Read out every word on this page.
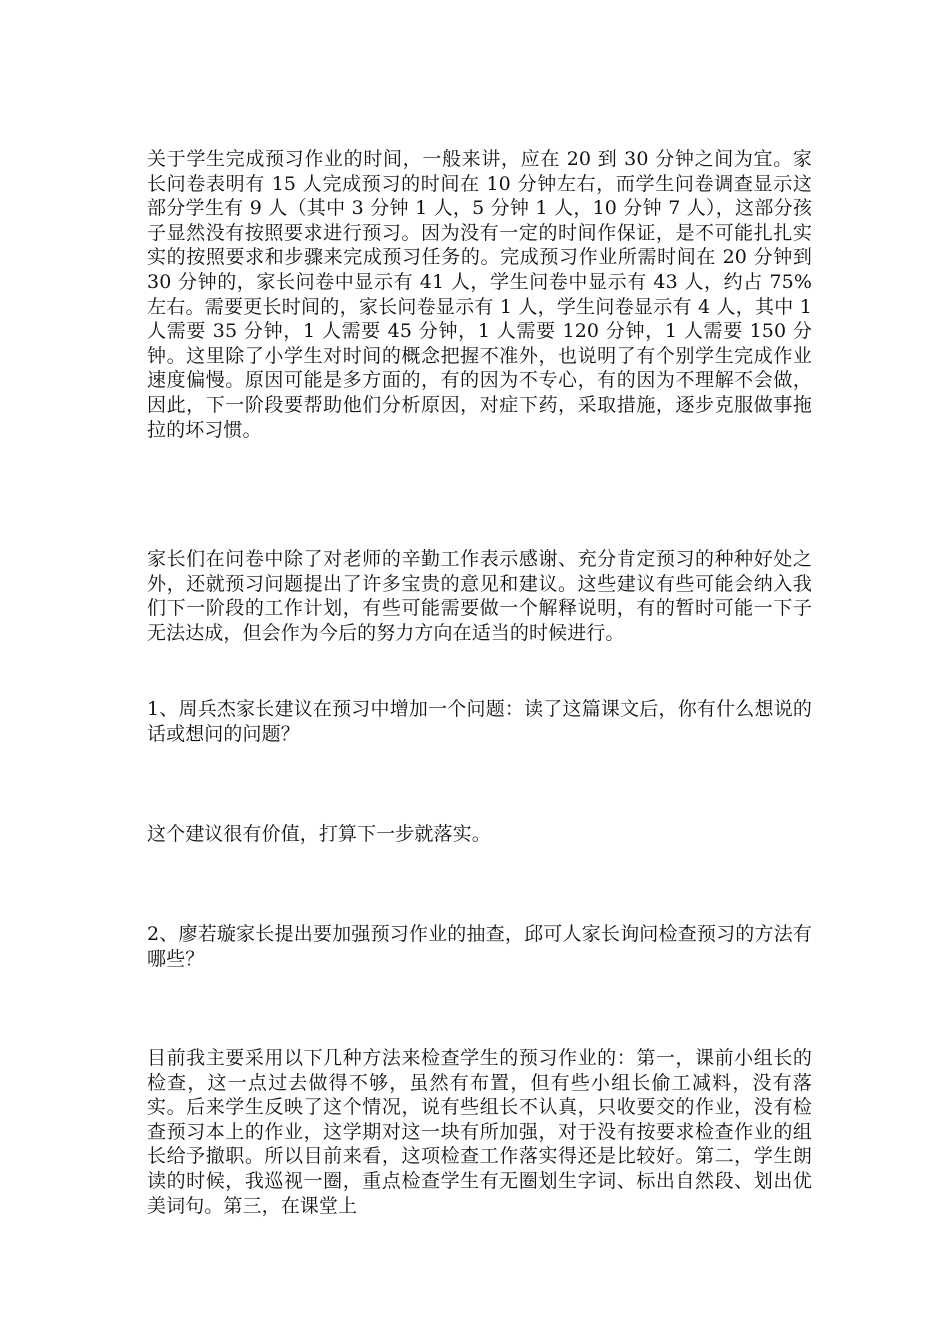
关于学生完成预习作业的时间，一般来讲，应在 20 到 30 分钟之间为宜。家长问卷表明有 15 人完成预习的时间在 10 分钟左右，而学生问卷调查显示这部分学生有 9 人（其中 3 分钟 1 人，5 分钟 1 人，10 分钟 7 人），这部分孩子显然没有按照要求进行预习。因为没有一定的时间作保证，是不可能扎扎实实的按照要求和步骤来完成预习任务的。完成预习作业所需时间在 20 分钟到 30 分钟的，家长问卷中显示有 41 人，学生问卷中显示有 43 人，约占 75%左右。需要更长时间的，家长问卷显示有 1 人，学生问卷显示有 4 人，其中 1 人需要 35 分钟，1 人需要 45 分钟，1 人需要 120 分钟，1 人需要 150 分钟。这里除了小学生对时间的概念把握不准外，也说明了有个别学生完成作业速度偏慢。原因可能是多方面的，有的因为不专心，有的因为不理解不会做，因此，下一阶段要帮助他们分析原因，对症下药，采取措施，逐步克服做事拖拉的坏习惯。

家长们在问卷中除了对老师的辛勤工作表示感谢、充分肯定预习的种种好处之外，还就预习问题提出了许多宝贵的意见和建议。这些建议有些可能会纳入我们下一阶段的工作计划，有些可能需要做一个解释说明，有的暂时可能一下子无法达成，但会作为今后的努力方向在适当的时候进行。

1、周兵杰家长建议在预习中增加一个问题：读了这篇课文后，你有什么想说的话或想问的问题？

这个建议很有价值，打算下一步就落实。

2、廖若璇家长提出要加强预习作业的抽查，邱可人家长询问检查预习的方法有哪些？

目前我主要采用以下几种方法来检查学生的预习作业的：第一，课前小组长的检查，这一点过去做得不够，虽然有布置，但有些小组长偷工减料，没有落实。后来学生反映了这个情况，说有些组长不认真，只收要交的作业，没有检查预习本上的作业，这学期对这一块有所加强，对于没有按要求检查作业的组长给予撤职。所以目前来看，这项检查工作落实得还是比较好。第二，学生朗读的时候，我巡视一圈，重点检查学生有无圈划生字词、标出自然段、划出优美词句。第三，在课堂上
